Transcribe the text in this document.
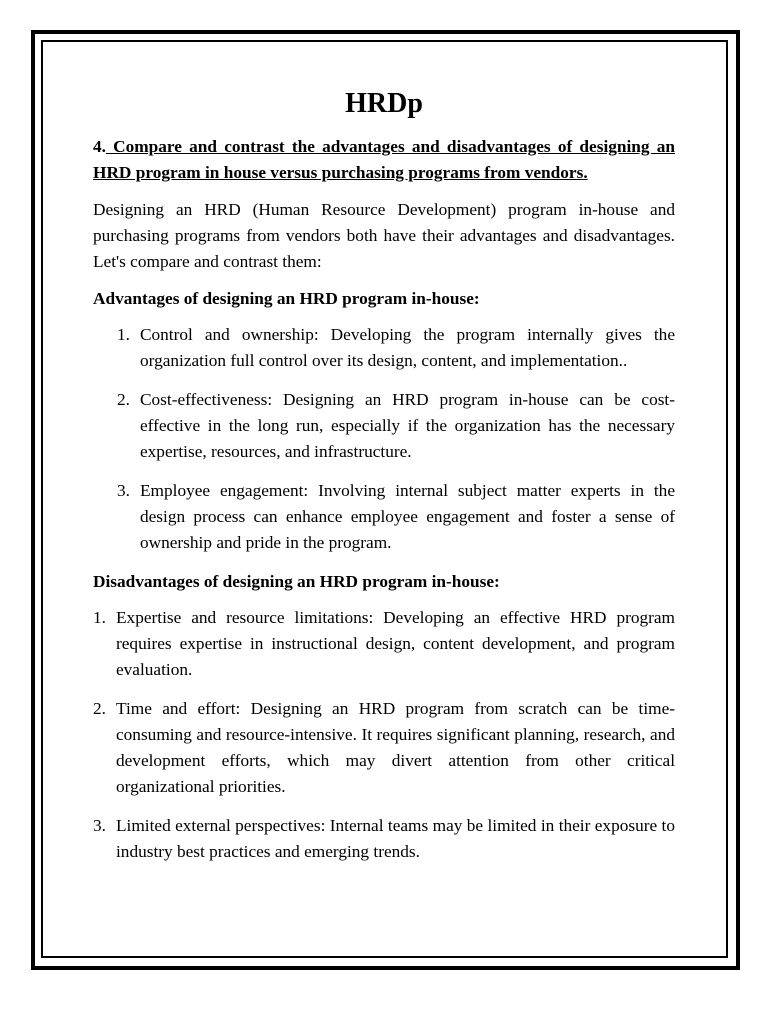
HRDp
4. Compare and contrast the advantages and disadvantages of designing an HRD program in house versus purchasing programs from vendors.
Designing an HRD (Human Resource Development) program in-house and purchasing programs from vendors both have their advantages and disadvantages. Let's compare and contrast them:
Advantages of designing an HRD program in-house:
1. Control and ownership: Developing the program internally gives the organization full control over its design, content, and implementation..
2. Cost-effectiveness: Designing an HRD program in-house can be cost-effective in the long run, especially if the organization has the necessary expertise, resources, and infrastructure.
3. Employee engagement: Involving internal subject matter experts in the design process can enhance employee engagement and foster a sense of ownership and pride in the program.
Disadvantages of designing an HRD program in-house:
1. Expertise and resource limitations: Developing an effective HRD program requires expertise in instructional design, content development, and program evaluation.
2. Time and effort: Designing an HRD program from scratch can be time-consuming and resource-intensive. It requires significant planning, research, and development efforts, which may divert attention from other critical organizational priorities.
3. Limited external perspectives: Internal teams may be limited in their exposure to industry best practices and emerging trends.
